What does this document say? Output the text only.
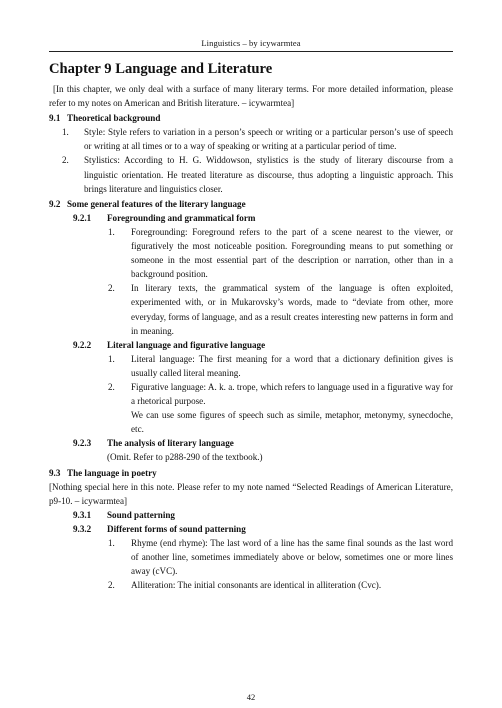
Linguistics – by icywarmtea
Chapter 9 Language and Literature

[In this chapter, we only deal with a surface of many literary terms. For more detailed information, please refer to my notes on American and British literature. – icywarmtea]

9.1 Theoretical background
1. Style: Style refers to variation in a person’s speech or writing or a particular person’s use of speech or writing at all times or to a way of speaking or writing at a particular period of time.
2. Stylistics: According to H. G. Widdowson, stylistics is the study of literary discourse from a linguistic orientation. He treated literature as discourse, thus adopting a linguistic approach. This brings literature and linguistics closer.
9.2 Some general features of the literary language
9.2.1 Foregrounding and grammatical form
1. Foregrounding: Foreground refers to the part of a scene nearest to the viewer, or figuratively the most noticeable position. Foregrounding means to put something or someone in the most essential part of the description or narration, other than in a background position.
2. In literary texts, the grammatical system of the language is often exploited, experimented with, or in Mukarovsky’s words, made to “deviate from other, more everyday, forms of language, and as a result creates interesting new patterns in form and in meaning.
9.2.2 Literal language and figurative language
1. Literal language: The first meaning for a word that a dictionary definition gives is usually called literal meaning.
2. Figurative language: A. k. a. trope, which refers to language used in a figurative way for a rhetorical purpose.

We can use some figures of speech such as simile, metaphor, metonymy, synecdoche, etc.

9.2.3 The analysis of literary language

(Omit. Refer to p288-290 of the textbook.)

9.3 The language in poetry

[Nothing special here in this note. Please refer to my note named “Selected Readings of American Literature, p9-10. – icywarmtea]

9.3.1 Sound patterning
9.3.2 Different forms of sound patterning
1. Rhyme (end rhyme): The last word of a line has the same final sounds as the last word of another line, sometimes immediately above or below, sometimes one or more lines away (cVC).
2. Alliteration: The initial consonants are identical in alliteration (Cvc).
42
